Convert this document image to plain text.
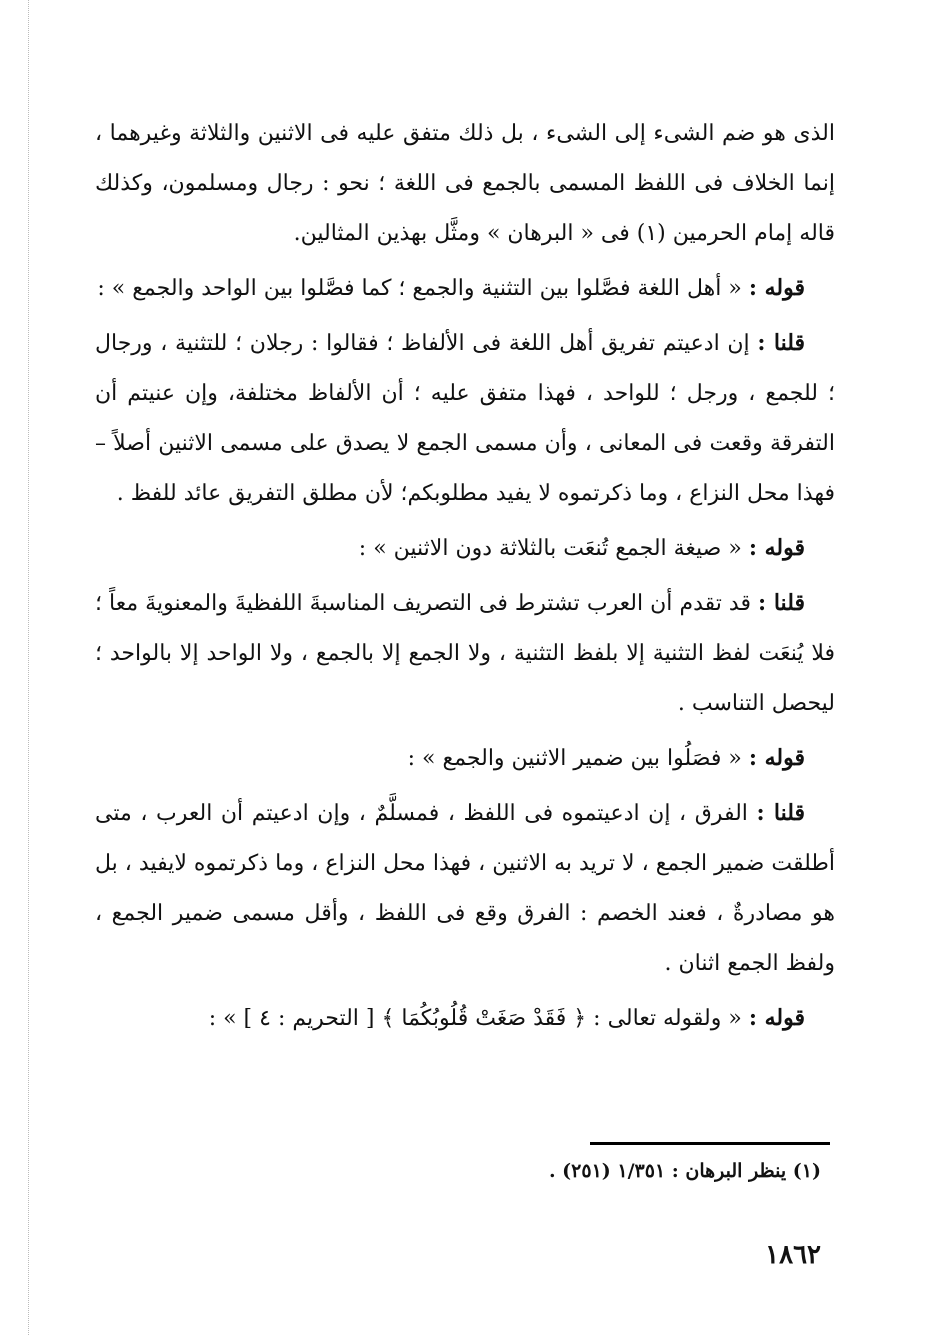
الذى هو ضم الشىء إلى الشىء ، بل ذلك متفق عليه فى الاثنين والثلاثة وغيرهما ، إنما الخلاف فى اللفظ المسمى بالجمع فى اللغة ؛ نحو : رجال ومسلمون، وكذلك قاله إمام الحرمين (١) فى « البرهان » ومثَّل بهذين المثالين.

قوله : « أهل اللغة فصَّلوا بين التثنية والجمع ؛ كما فصَّلوا بين الواحد والجمع » :

قلنا : إن ادعيتم تفريق أهل اللغة فى الألفاظ ؛ فقالوا : رجلان ؛ للتثنية ، ورجال ؛ للجمع ، ورجل ؛ للواحد ، فهذا متفق عليه ؛ أن الألفاظ مختلفة، وإن عنيتم أن التفرقة وقعت فى المعانى ، وأن مسمى الجمع لا يصدق على مسمى الاثنين أصلاً – فهذا محل النزاع ، وما ذكرتموه لا يفيد مطلوبكم؛ لأن مطلق التفريق عائد للفظ .

قوله : « صيغة الجمع تُنعَت بالثلاثة دون الاثنين » :

قلنا : قد تقدم أن العرب تشترط فى التصريف المناسبةَ اللفظيةَ والمعنويةَ معاً ؛ فلا يُنعَت لفظ التثنية إلا بلفظ التثنية ، ولا الجمع إلا بالجمع ، ولا الواحد إلا بالواحد ؛ ليحصل التناسب .

قوله : « فصَلُوا بين ضمير الاثنين والجمع » :

قلنا : الفرق ، إن ادعيتموه فى اللفظ ، فمسلَّمٌ ، وإن ادعيتم أن العرب ، متى أطلقت ضمير الجمع ، لا تريد به الاثنين ، فهذا محل النزاع ، وما ذكرتموه لايفيد ، بل هو مصادرةٌ ، فعند الخصم : الفرق وقع فى اللفظ ، وأقل مسمى ضمير الجمع ، ولفظ الجمع اثنان .

قوله : « ولقوله تعالى : ﴿ فَقَدْ صَغَتْ قُلُوبُكُمَا ﴾ [ التحريم : ٤ ] » :

(١) ينظر البرهان : ١/٣٥١ (٢٥١) .
١٨٦٢
